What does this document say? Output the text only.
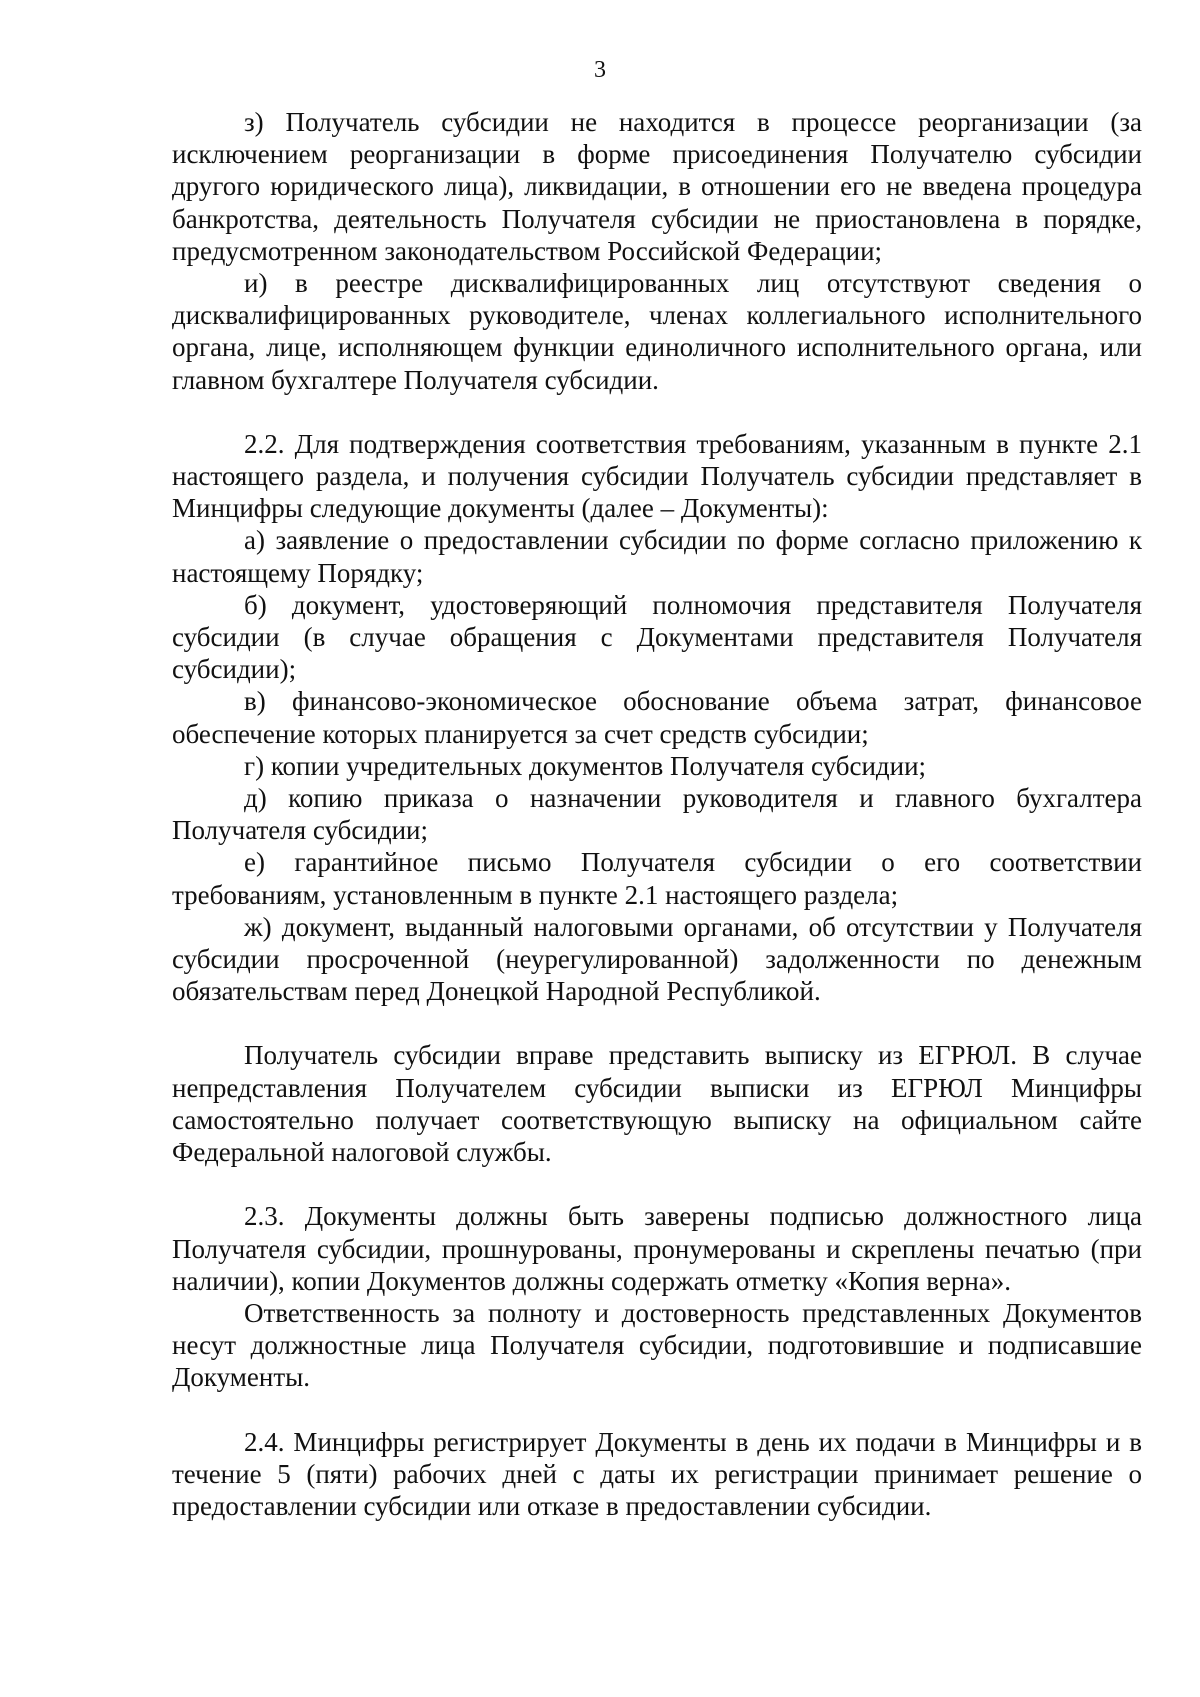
3

з) Получатель субсидии не находится в процессе реорганизации (за исключением реорганизации в форме присоединения Получателю субсидии другого юридического лица), ликвидации, в отношении его не введена процедура банкротства, деятельность Получателя субсидии не приостановлена в порядке, предусмотренном законодательством Российской Федерации;

и) в реестре дисквалифицированных лиц отсутствуют сведения о дисквалифицированных руководителе, членах коллегиального исполнительного органа, лице, исполняющем функции единоличного исполнительного органа, или главном бухгалтере Получателя субсидии.

2.2. Для подтверждения соответствия требованиям, указанным в пункте 2.1 настоящего раздела, и получения субсидии Получатель субсидии представляет в Минцифры следующие документы (далее – Документы):

а) заявление о предоставлении субсидии по форме согласно приложению к настоящему Порядку;

б) документ, удостоверяющий полномочия представителя Получателя субсидии (в случае обращения с Документами представителя Получателя субсидии);

в) финансово-экономическое обоснование объема затрат, финансовое обеспечение которых планируется за счет средств субсидии;

г) копии учредительных документов Получателя субсидии;

д) копию приказа о назначении руководителя и главного бухгалтера Получателя субсидии;

е) гарантийное письмо Получателя субсидии о его соответствии требованиям, установленным в пункте 2.1 настоящего раздела;

ж) документ, выданный налоговыми органами, об отсутствии у Получателя субсидии просроченной (неурегулированной) задолженности по денежным обязательствам перед Донецкой Народной Республикой.

Получатель субсидии вправе представить выписку из ЕГРЮЛ. В случае непредставления Получателем субсидии выписки из ЕГРЮЛ Минцифры самостоятельно получает соответствующую выписку на официальном сайте Федеральной налоговой службы.

2.3. Документы должны быть заверены подписью должностного лица Получателя субсидии, прошнурованы, пронумерованы и скреплены печатью (при наличии), копии Документов должны содержать отметку «Копия верна».

Ответственность за полноту и достоверность представленных Документов несут должностные лица Получателя субсидии, подготовившие и подписавшие Документы.

2.4. Минцифры регистрирует Документы в день их подачи в Минцифры и в течение 5 (пяти) рабочих дней с даты их регистрации принимает решение о предоставлении субсидии или отказе в предоставлении субсидии.
